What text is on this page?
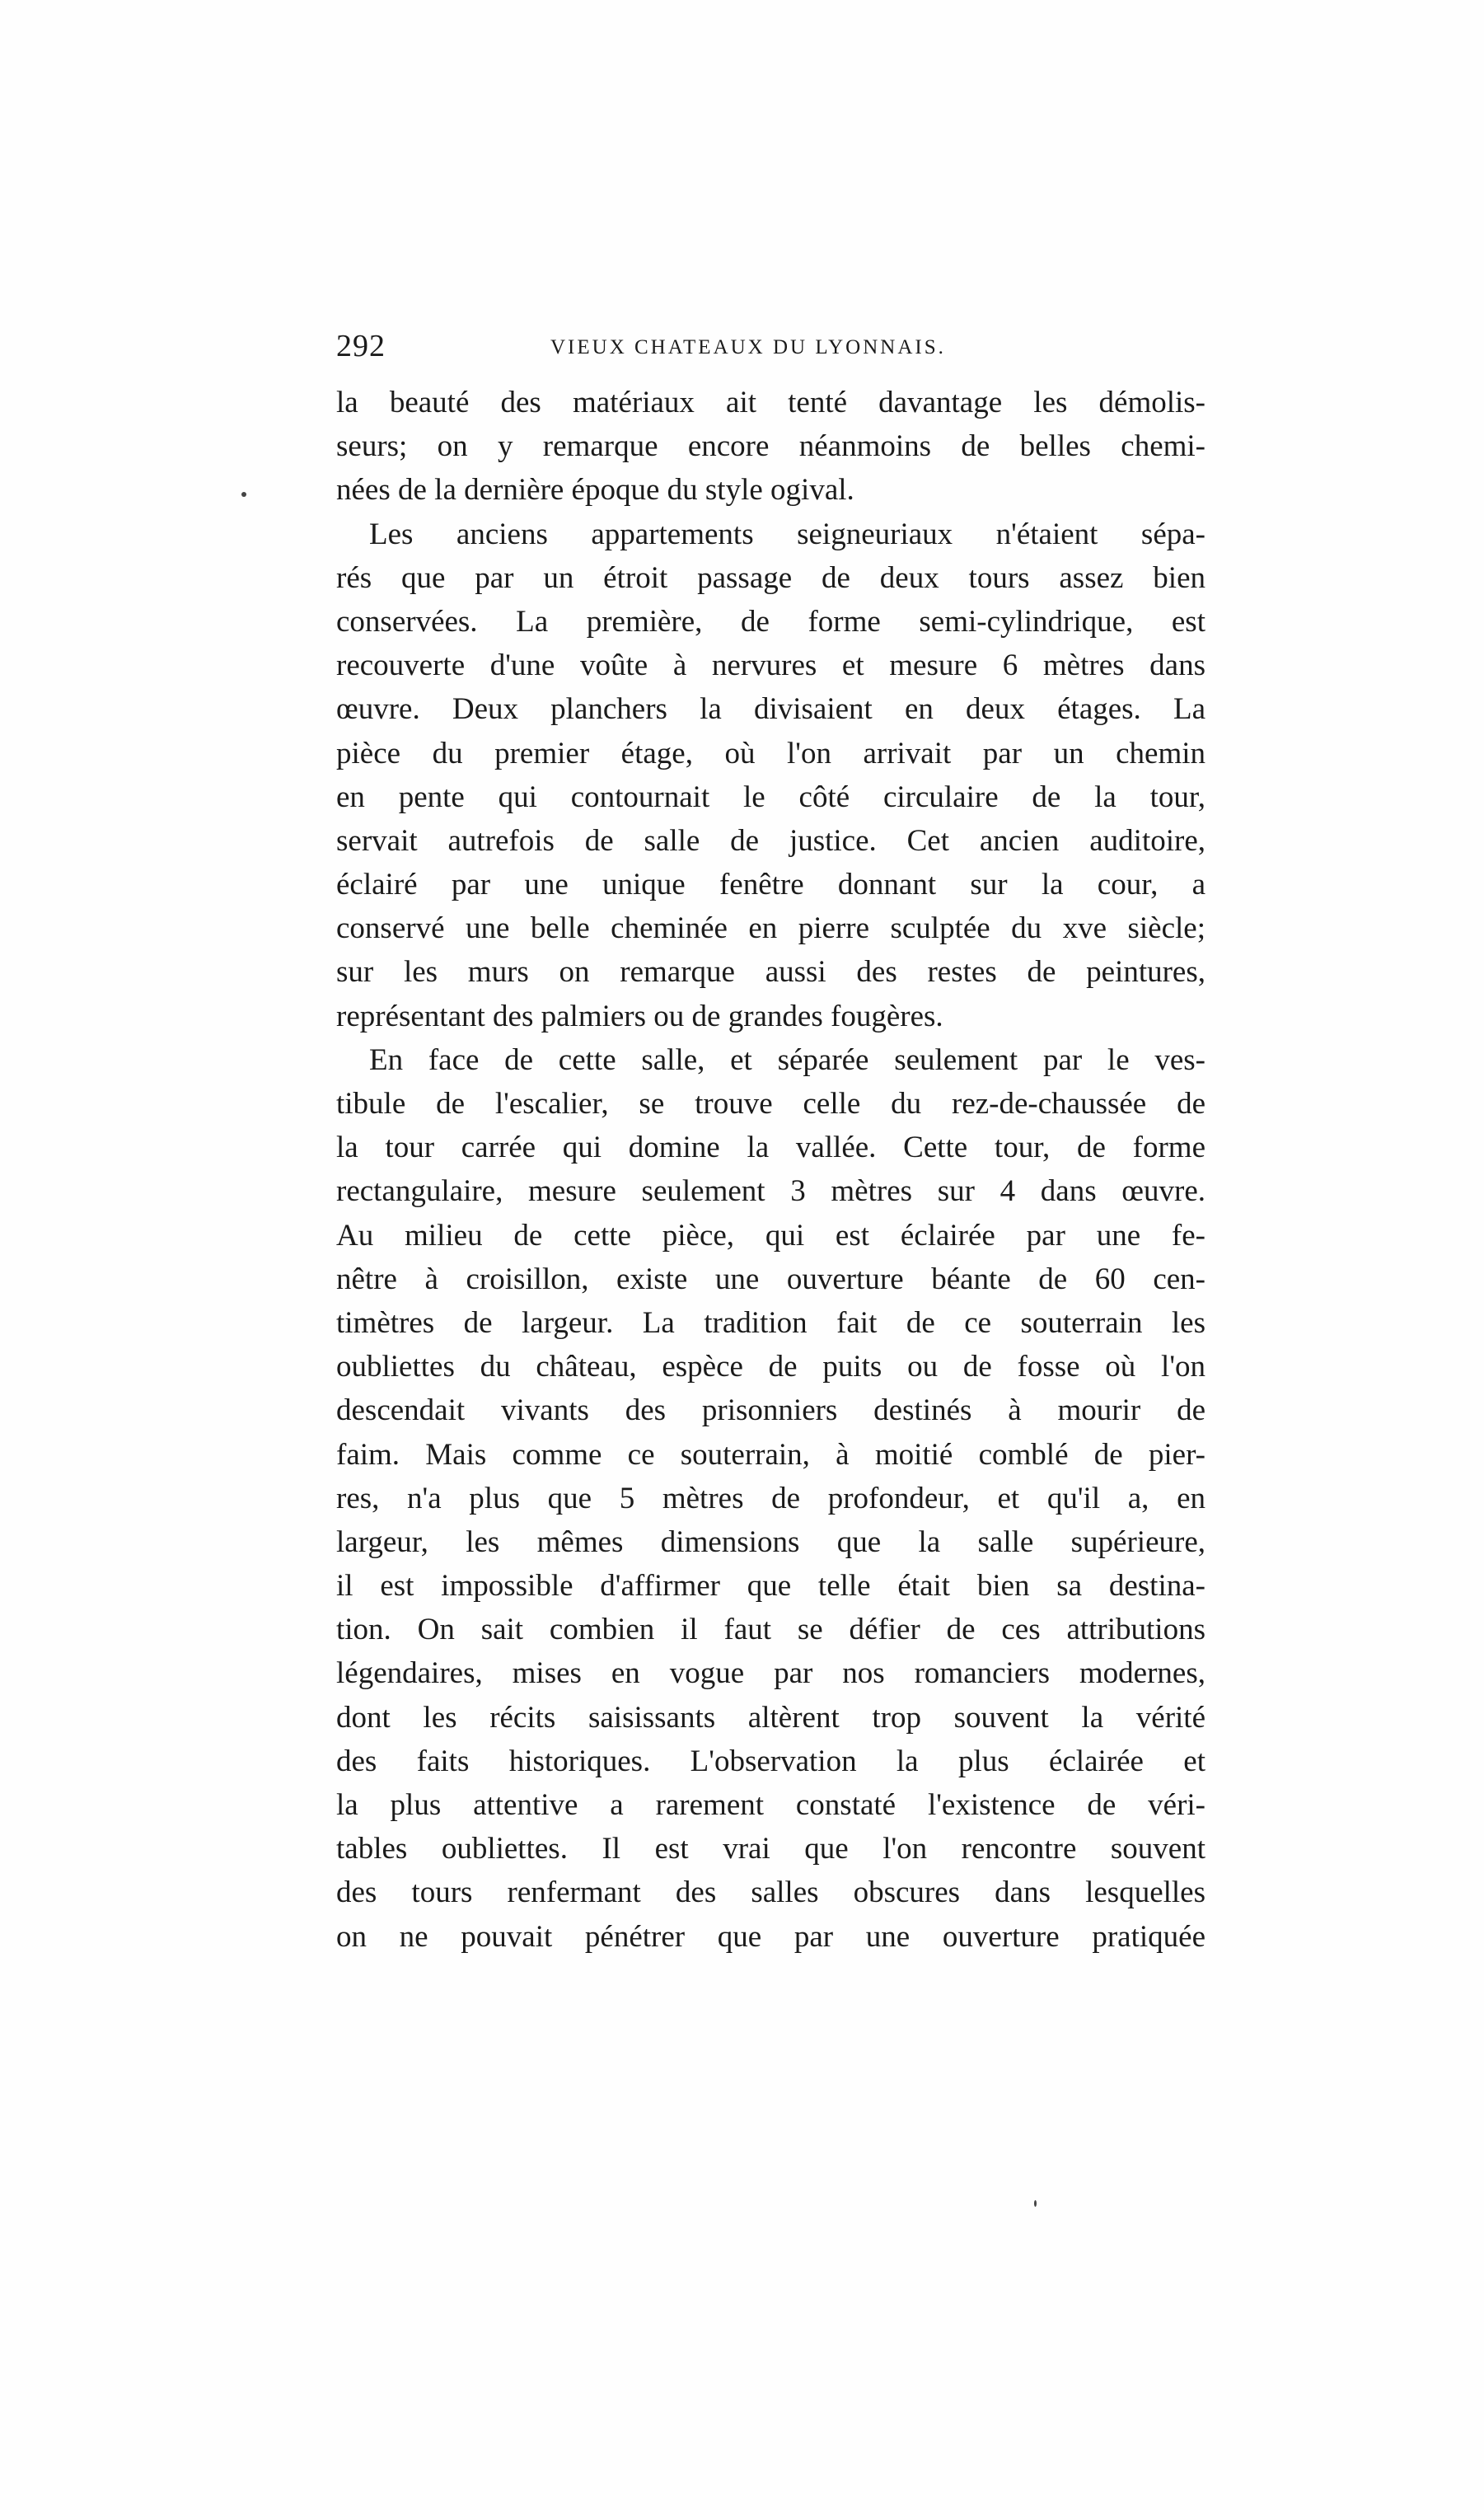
292	VIEUX CHATEAUX DU LYONNAIS.
la beauté des matériaux ait tenté davantage les démolis-
seurs; on y remarque encore néanmoins de belles chemi-
nées de la dernière époque du style ogival.
Les anciens appartements seigneuriaux n'étaient sépa-
rés que par un étroit passage de deux tours assez bien
conservées. La première, de forme semi-cylindrique, est
recouverte d'une voûte à nervures et mesure 6 mètres dans
œuvre. Deux planchers la divisaient en deux étages. La
pièce du premier étage, où l'on arrivait par un chemin
en pente qui contournait le côté circulaire de la tour,
servait autrefois de salle de justice. Cet ancien auditoire,
éclairé par une unique fenêtre donnant sur la cour, a
conservé une belle cheminée en pierre sculptée du xve siècle;
sur les murs on remarque aussi des restes de peintures,
représentant des palmiers ou de grandes fougères.
En face de cette salle, et séparée seulement par le ves-
tibule de l'escalier, se trouve celle du rez-de-chaussée de
la tour carrée qui domine la vallée. Cette tour, de forme
rectangulaire, mesure seulement 3 mètres sur 4 dans œuvre.
Au milieu de cette pièce, qui est éclairée par une fe-
nêtre à croisillon, existe une ouverture béante de 60 cen-
timètres de largeur. La tradition fait de ce souterrain les
oubliettes du château, espèce de puits ou de fosse où l'on
descendait vivants des prisonniers destinés à mourir de
faim. Mais comme ce souterrain, à moitié comblé de pier-
res, n'a plus que 5 mètres de profondeur, et qu'il a, en
largeur, les mêmes dimensions que la salle supérieure,
il est impossible d'affirmer que telle était bien sa destina-
tion. On sait combien il faut se défier de ces attributions
légendaires, mises en vogue par nos romanciers modernes,
dont les récits saisissants altèrent trop souvent la vérité
des faits historiques. L'observation la plus éclairée et
la plus attentive a rarement constaté l'existence de véri-
tables oubliettes. Il est vrai que l'on rencontre souvent
des tours renfermant des salles obscures dans lesquelles
on ne pouvait pénétrer que par une ouverture pratiquée
